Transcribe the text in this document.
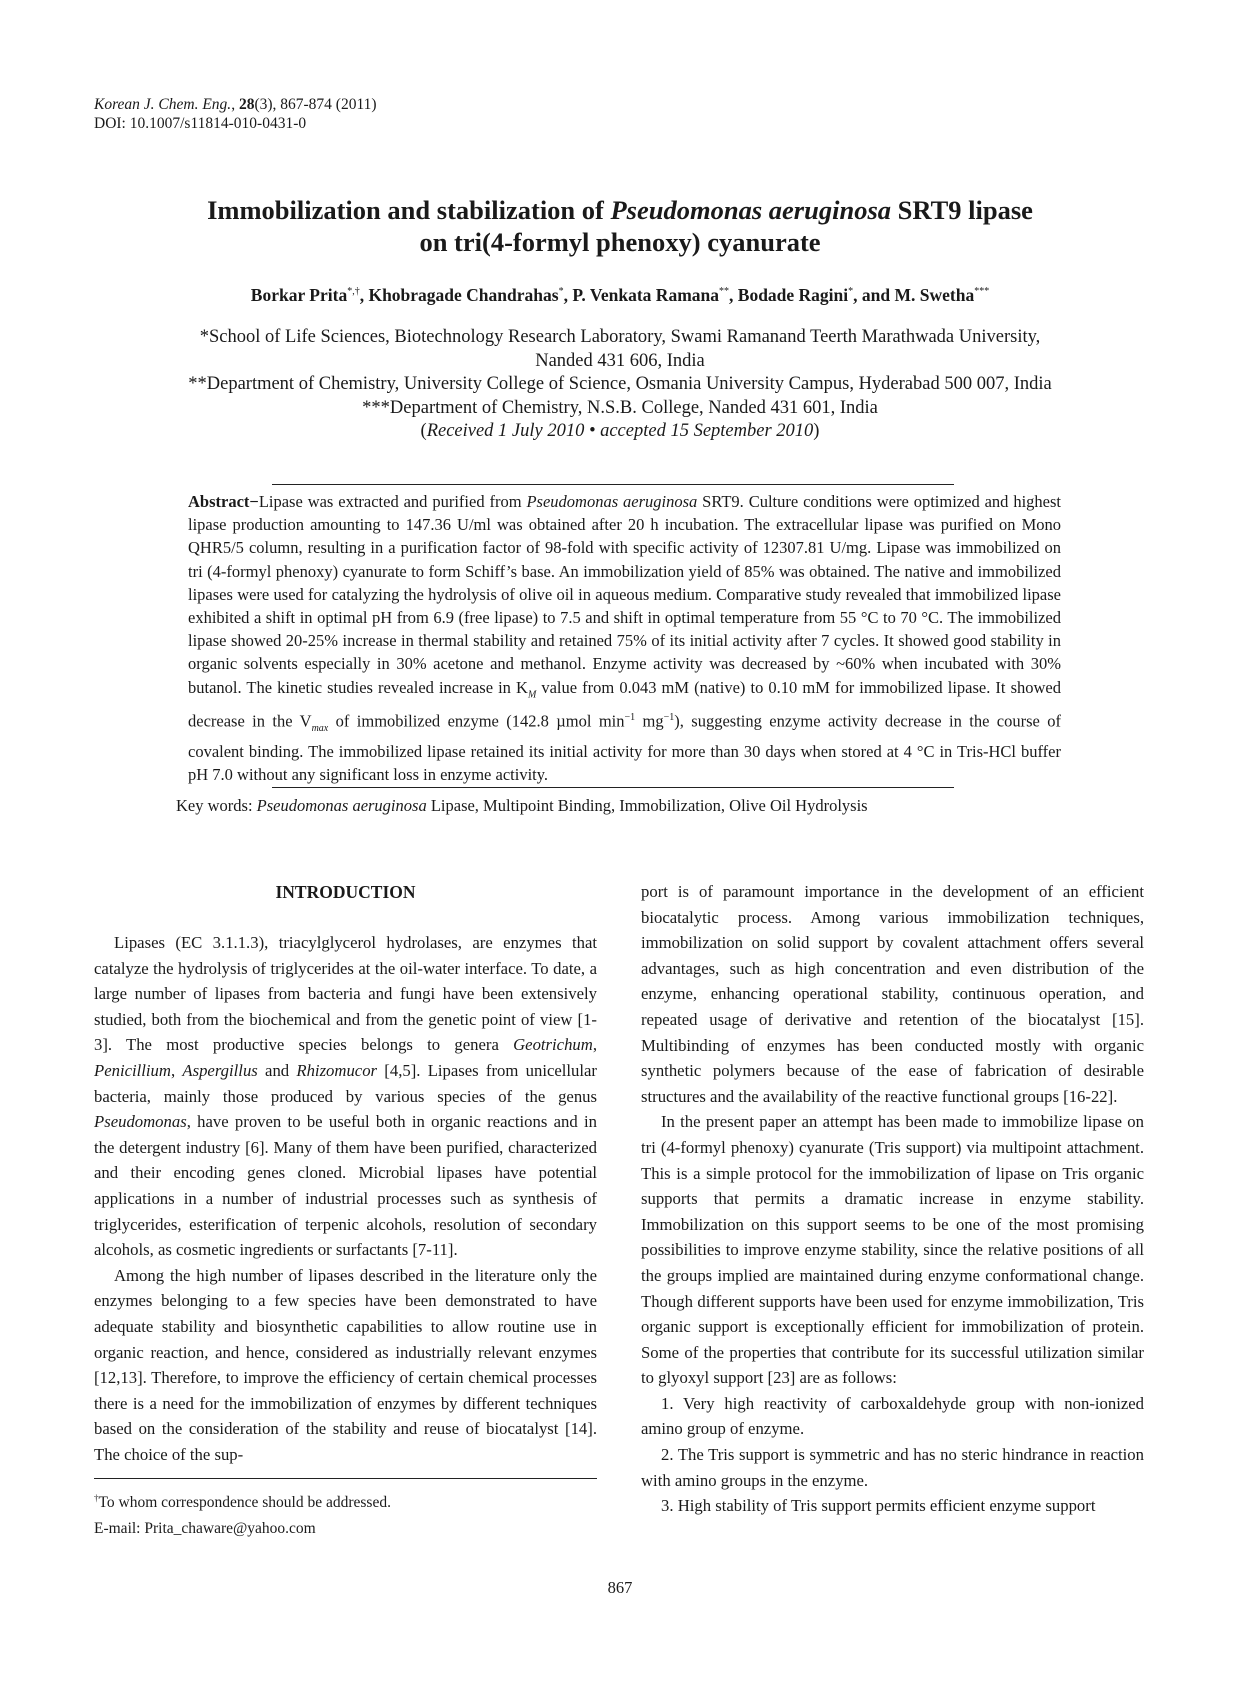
Korean J. Chem. Eng., 28(3), 867-874 (2011)
DOI: 10.1007/s11814-010-0431-0
Immobilization and stabilization of Pseudomonas aeruginosa SRT9 lipase
on tri(4-formyl phenoxy) cyanurate
Borkar Prita*,†, Khobragade Chandrahas*, P. Venkata Ramana**, Bodade Ragini*, and M. Swetha***
*School of Life Sciences, Biotechnology Research Laboratory, Swami Ramanand Teerth Marathwada University,
Nanded 431 606, India
**Department of Chemistry, University College of Science, Osmania University Campus, Hyderabad 500 007, India
***Department of Chemistry, N.S.B. College, Nanded 431 601, India
(Received 1 July 2010 • accepted 15 September 2010)
Abstract−Lipase was extracted and purified from Pseudomonas aeruginosa SRT9. Culture conditions were optimized and highest lipase production amounting to 147.36 U/ml was obtained after 20 h incubation. The extracellular lipase was purified on Mono QHR5/5 column, resulting in a purification factor of 98-fold with specific activity of 12307.81 U/mg. Lipase was immobilized on tri (4-formyl phenoxy) cyanurate to form Schiff’s base. An immobilization yield of 85% was obtained. The native and immobilized lipases were used for catalyzing the hydrolysis of olive oil in aqueous medium. Comparative study revealed that immobilized lipase exhibited a shift in optimal pH from 6.9 (free lipase) to 7.5 and shift in optimal temperature from 55 °C to 70 °C. The immobilized lipase showed 20-25% increase in thermal stability and retained 75% of its initial activity after 7 cycles. It showed good stability in organic solvents especially in 30% acetone and methanol. Enzyme activity was decreased by ~60% when incubated with 30% butanol. The kinetic studies revealed increase in $K_M$ value from 0.043 mM (native) to 0.10 mM for immobilized lipase. It showed decrease in the $V_{max}$ of immobilized enzyme (142.8 µmol $\min^{-1} mg^{-1}$), suggesting enzyme activity decrease in the course of covalent binding. The immobilized lipase retained its initial activity for more than 30 days when stored at 4 °C in Tris-HCl buffer pH 7.0 without any significant loss in enzyme activity.
Key words: Pseudomonas aeruginosa Lipase, Multipoint Binding, Immobilization, Olive Oil Hydrolysis
INTRODUCTION

Lipases (EC 3.1.1.3), triacylglycerol hydrolases, are enzymes that catalyze the hydrolysis of triglycerides at the oil-water interface. To date, a large number of lipases from bacteria and fungi have been extensively studied, both from the biochemical and from the genetic point of view [1-3]. The most productive species belongs to genera Geotrichum, Penicillium, Aspergillus and Rhizomucor [4,5]. Lipases from unicellular bacteria, mainly those produced by various species of the genus Pseudomonas, have proven to be useful both in organic reactions and in the detergent industry [6]. Many of them have been purified, characterized and their encoding genes cloned. Microbial lipases have potential applications in a number of industrial processes such as synthesis of triglycerides, esterification of terpenic alcohols, resolution of secondary alcohols, as cosmetic ingredients or surfactants [7-11].

Among the high number of lipases described in the literature only the enzymes belonging to a few species have been demonstrated to have adequate stability and biosynthetic capabilities to allow routine use in organic reaction, and hence, considered as industrially relevant enzymes [12,13]. Therefore, to improve the efficiency of certain chemical processes there is a need for the immobilization of enzymes by different techniques based on the consideration of the stability and reuse of biocatalyst [14]. The choice of the sup-

port is of paramount importance in the development of an efficient biocatalytic process. Among various immobilization techniques, immobilization on solid support by covalent attachment offers several advantages, such as high concentration and even distribution of the enzyme, enhancing operational stability, continuous operation, and repeated usage of derivative and retention of the biocatalyst [15]. Multibinding of enzymes has been conducted mostly with organic synthetic polymers because of the ease of fabrication of desirable structures and the availability of the reactive functional groups [16-22].

In the present paper an attempt has been made to immobilize lipase on tri (4-formyl phenoxy) cyanurate (Tris support) via multipoint attachment. This is a simple protocol for the immobilization of lipase on Tris organic supports that permits a dramatic increase in enzyme stability. Immobilization on this support seems to be one of the most promising possibilities to improve enzyme stability, since the relative positions of all the groups implied are maintained during enzyme conformational change. Though different supports have been used for enzyme immobilization, Tris organic support is exceptionally efficient for immobilization of protein. Some of the properties that contribute for its successful utilization similar to glyoxyl support [23] are as follows:

1. Very high reactivity of carboxaldehyde group with non-ionized amino group of enzyme.

2. The Tris support is symmetric and has no steric hindrance in reaction with amino groups in the enzyme.

3. High stability of Tris support permits efficient enzyme support

†To whom correspondence should be addressed.
E-mail: Prita_chaware@yahoo.com
867
